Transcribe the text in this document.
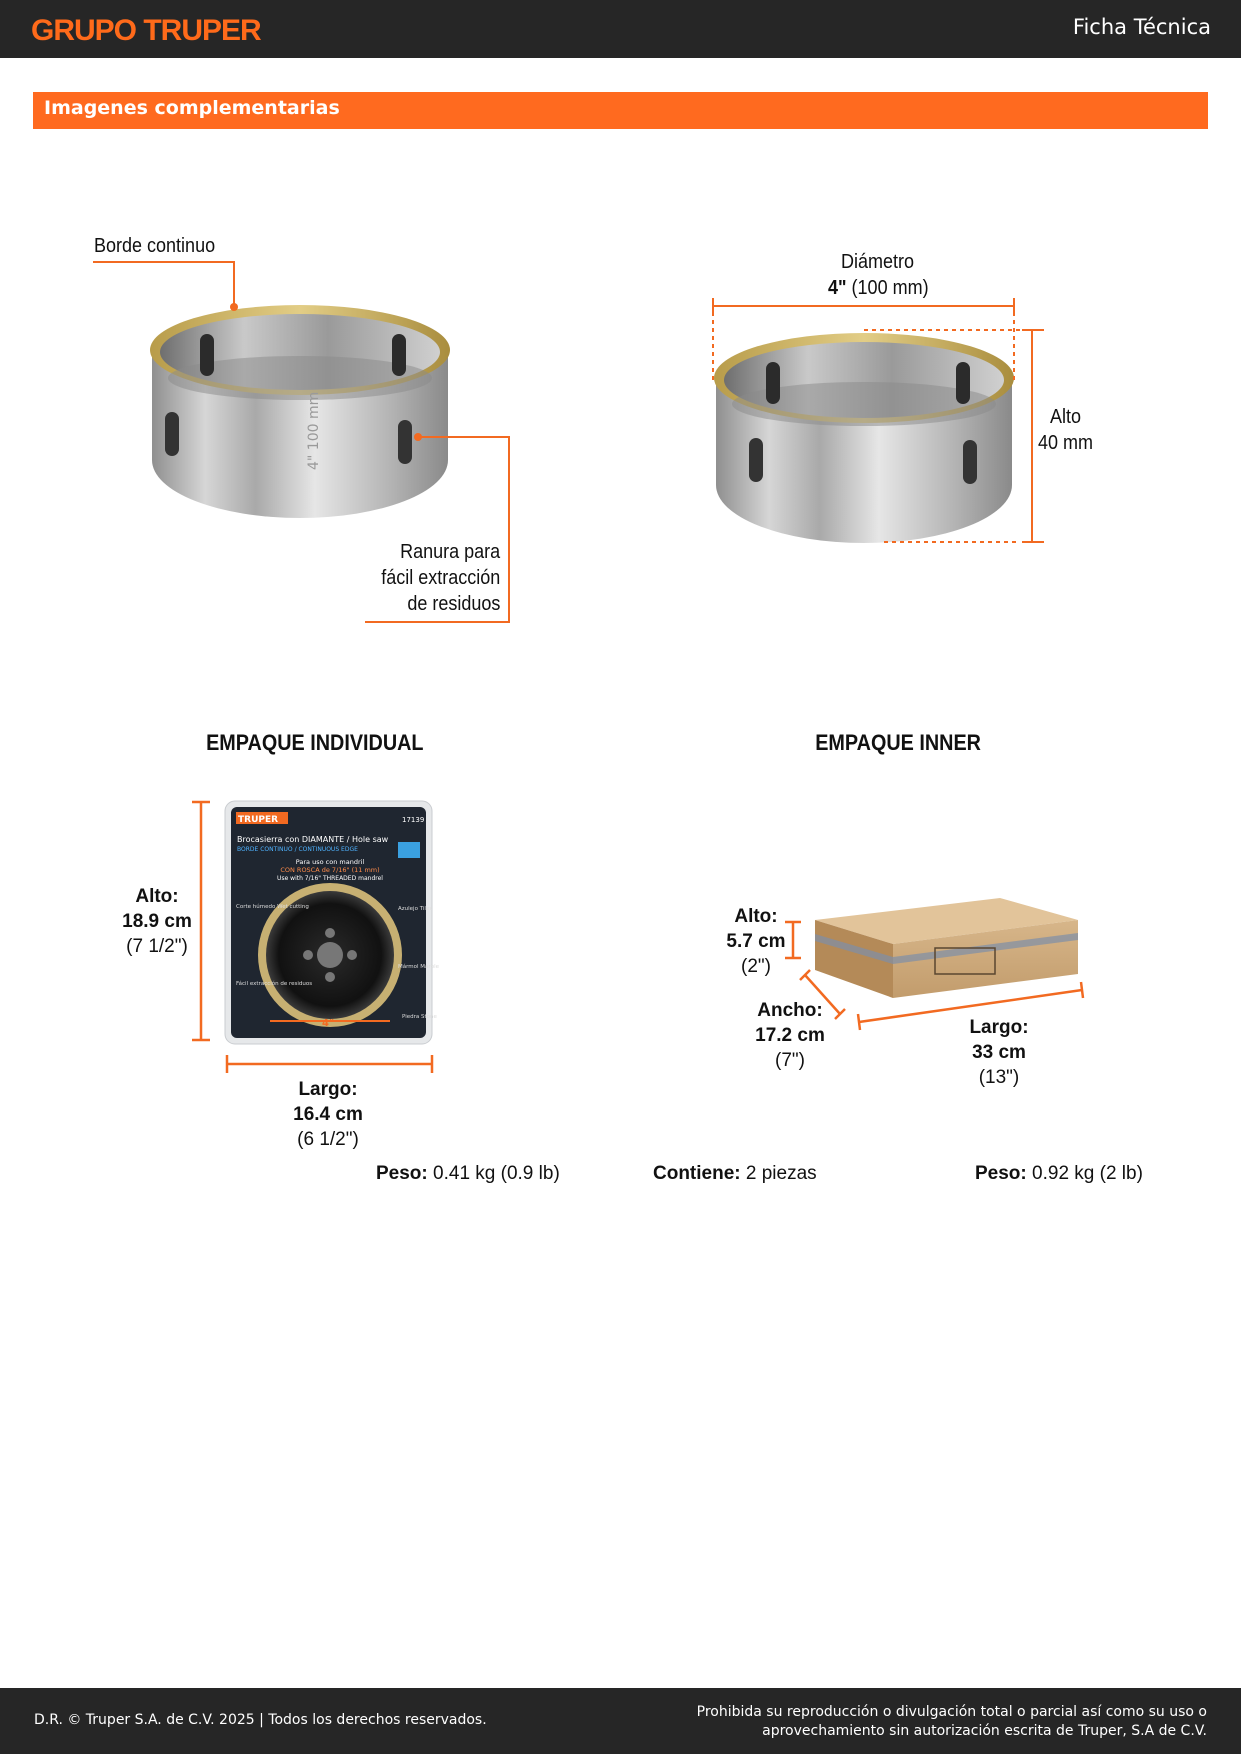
GRUPO TRUPER	Ficha Técnica
Imagenes complementarias
4" 100 mm
TRUPER	17139
Brocasierra con DIAMANTE / Hole saw
BORDE CONTINUO / CONTINUOUS EDGE
Para uso con mandril
CON ROSCA de 7/16" (11 mm)
Use with 7/16" THREADED mandrel
Corte húmedo Wet cutting
Fácil extracción de residuos
Azulejo Tiles
Mármol Marble
Piedra Stone
4"
Borde continuo
Ranura para
fácil extracción
de residuos
Diámetro
4" (100 mm)
Alto
40 mm
EMPAQUE INDIVIDUAL	EMPAQUE INNER
Alto:
18.9 cm
(7 1/2")
Largo:
16.4 cm
(6 1/2")
Peso: 0.41 kg (0.9 lb)
Alto:
5.7 cm
(2")
Ancho:
17.2 cm
(7")
Largo:
33 cm
(13")
Contiene: 2 piezas	Peso: 0.92 kg (2 lb)
D.R. © Truper S.A. de C.V. 2025 | Todos los derechos reservados.	Prohibida su reproducción o divulgación total o parcial así como su uso o
aprovechamiento sin autorización escrita de Truper, S.A de C.V.
